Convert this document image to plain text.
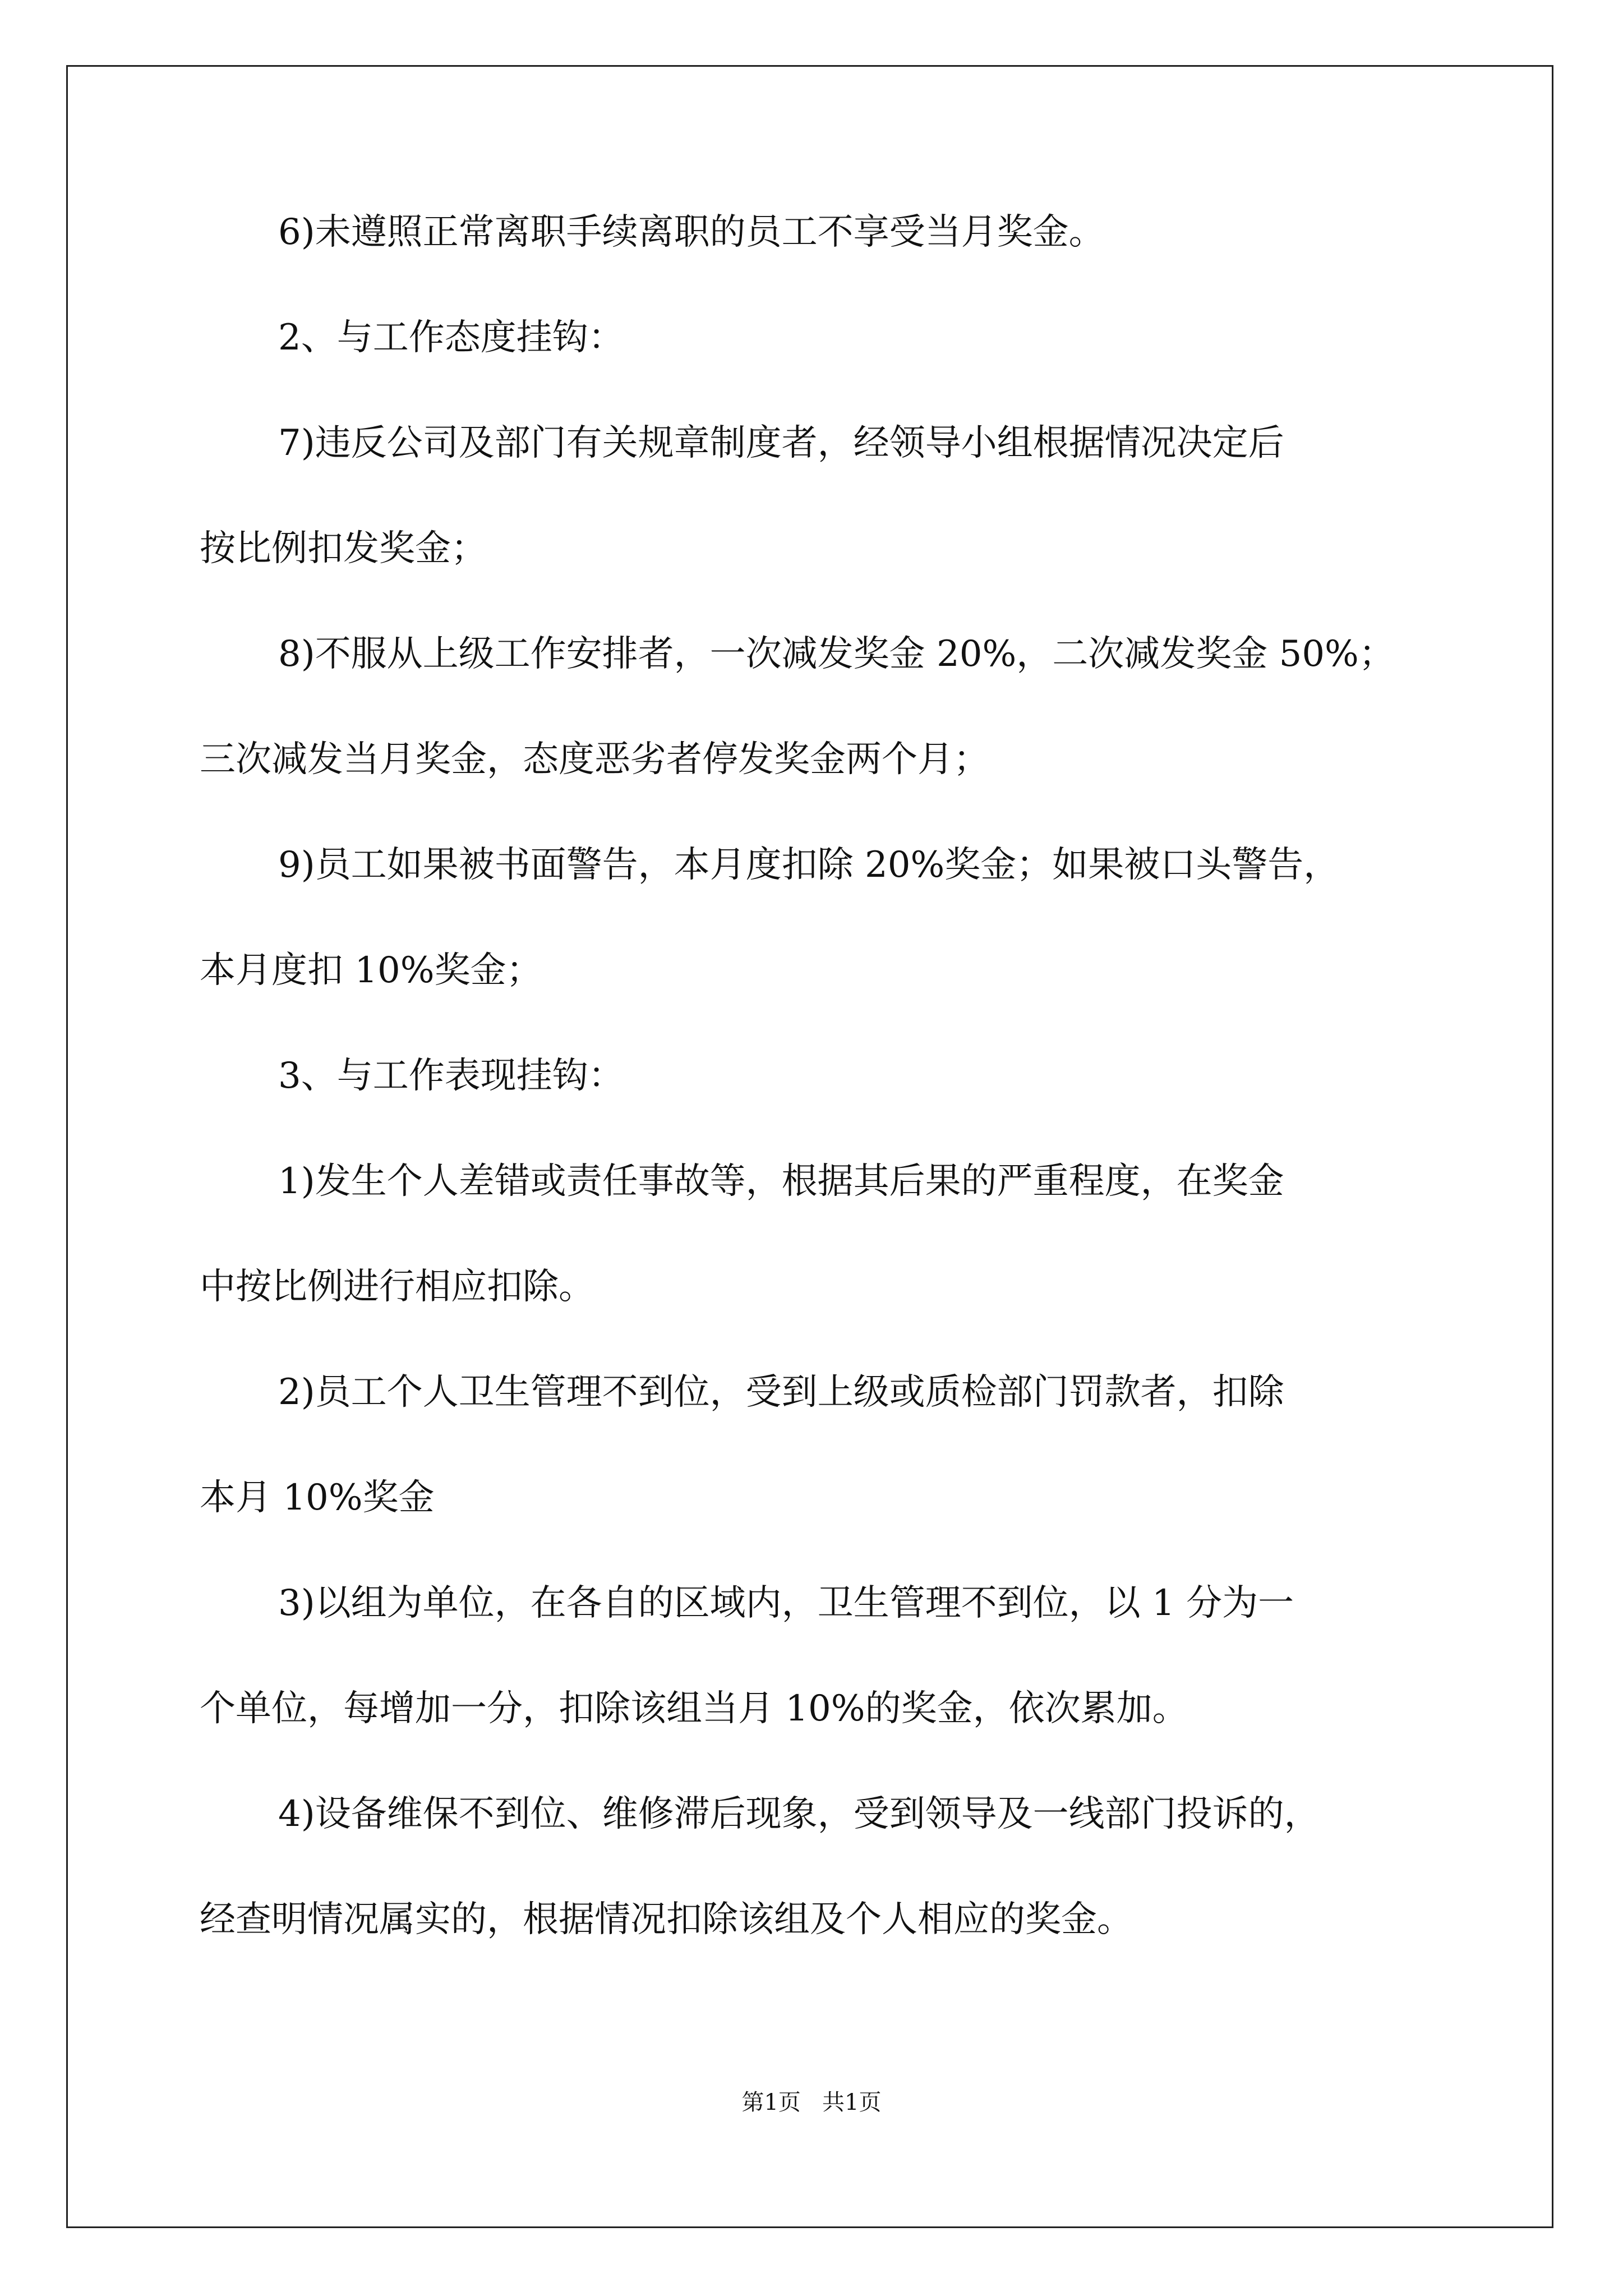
6)未遵照正常离职手续离职的员工不享受当月奖金。

2、与工作态度挂钩：

7)违反公司及部门有关规章制度者，经领导小组根据情况决定后

按比例扣发奖金；

8)不服从上级工作安排者，一次减发奖金 20%，二次减发奖金 50%；

三次减发当月奖金，态度恶劣者停发奖金两个月；

9)员工如果被书面警告，本月度扣除 20%奖金；如果被口头警告，

本月度扣 10%奖金；

3、与工作表现挂钩：

1)发生个人差错或责任事故等，根据其后果的严重程度，在奖金

中按比例进行相应扣除。

2)员工个人卫生管理不到位，受到上级或质检部门罚款者，扣除

本月 10%奖金

3)以组为单位，在各自的区域内，卫生管理不到位，以 1 分为一

个单位，每增加一分，扣除该组当月 10%的奖金，依次累加。

4)设备维保不到位、维修滞后现象，受到领导及一线部门投诉的，

经查明情况属实的，根据情况扣除该组及个人相应的奖金。

第1页   共1页
